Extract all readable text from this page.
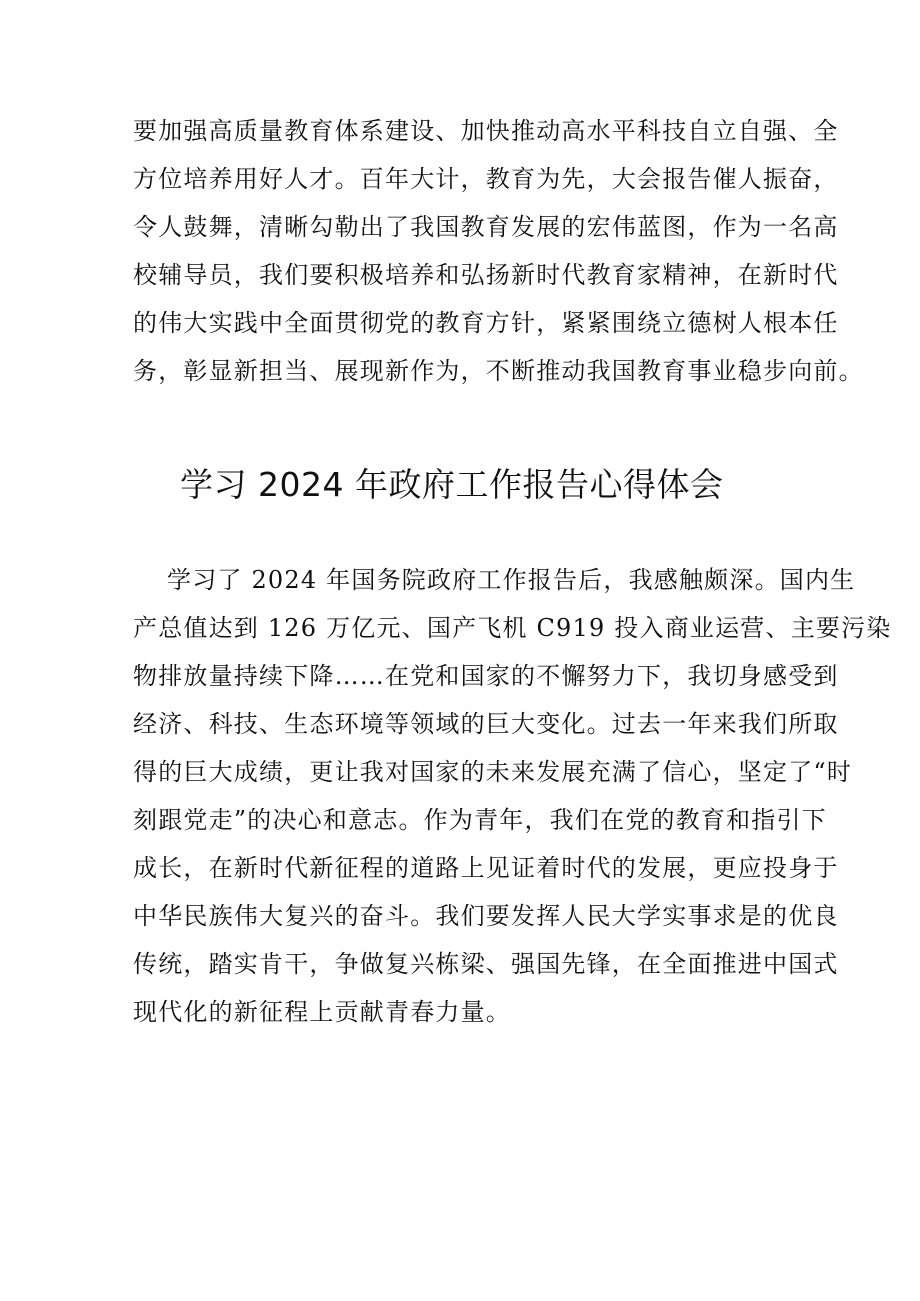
要加强高质量教育体系建设、加快推动高水平科技自立自强、全
方位培养用好人才。百年大计，教育为先，大会报告催人振奋，
令人鼓舞，清晰勾勒出了我国教育发展的宏伟蓝图，作为一名高
校辅导员，我们要积极培养和弘扬新时代教育家精神，在新时代
的伟大实践中全面贯彻党的教育方针，紧紧围绕立德树人根本任
务，彰显新担当、展现新作为，不断推动我国教育事业稳步向前。

学习 2024 年政府工作报告心得体会

　 学习了 2024 年国务院政府工作报告后，我感触颇深。国内生
产总值达到 126 万亿元、国产飞机 C919 投入商业运营、主要污染
物排放量持续下降……在党和国家的不懈努力下，我切身感受到
经济、科技、生态环境等领域的巨大变化。过去一年来我们所取
得的巨大成绩，更让我对国家的未来发展充满了信心，坚定了“时
刻跟党走”的决心和意志。作为青年，我们在党的教育和指引下
成长，在新时代新征程的道路上见证着时代的发展，更应投身于
中华民族伟大复兴的奋斗。我们要发挥人民大学实事求是的优良
传统，踏实肯干，争做复兴栋梁、强国先锋，在全面推进中国式
现代化的新征程上贡献青春力量。
